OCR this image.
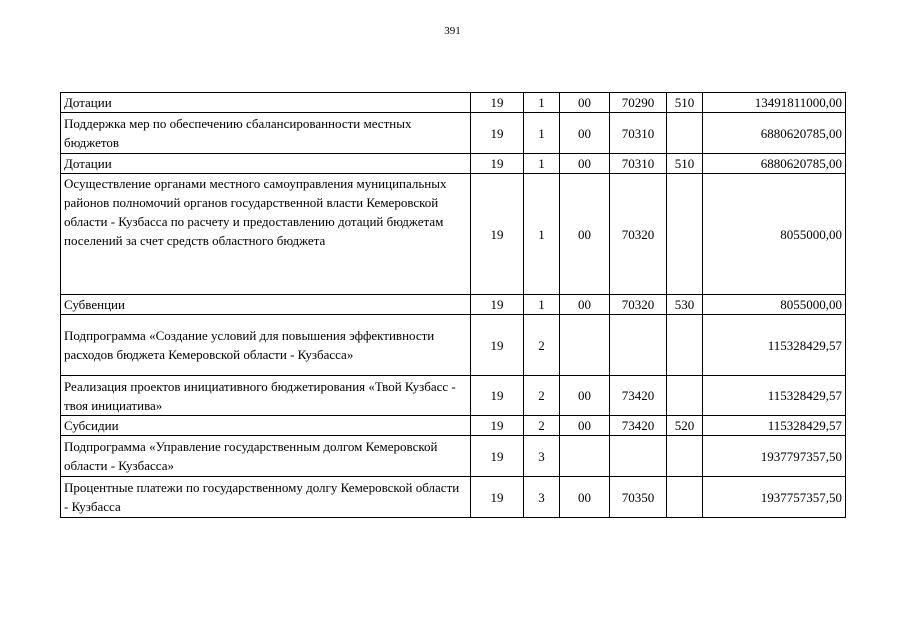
391
Дотации	19	1	00	70290	510	13491811000,00
Поддержка мер по обеспечению сбалансированности местных бюджетов	19	1	00	70310		6880620785,00
Дотации	19	1	00	70310	510	6880620785,00
Осуществление органами местного самоуправления муниципальных районов полномочий органов государственной власти Кемеровской области - Кузбасса по расчету и предоставлению дотаций бюджетам поселений за счет средств областного бюджета	19	1	00	70320		8055000,00
Субвенции	19	1	00	70320	530	8055000,00
Подпрограмма «Создание условий для повышения эффективности расходов бюджета Кемеровской области - Кузбасса»	19	2				115328429,57
Реализация проектов инициативного бюджетирования «Твой Кузбасс - твоя инициатива»	19	2	00	73420		115328429,57
Субсидии	19	2	00	73420	520	115328429,57
Подпрограмма «Управление государственным долгом Кемеровской области - Кузбасса»	19	3				1937797357,50
Процентные платежи по государственному долгу Кемеровской области - Кузбасса	19	3	00	70350		1937757357,50
